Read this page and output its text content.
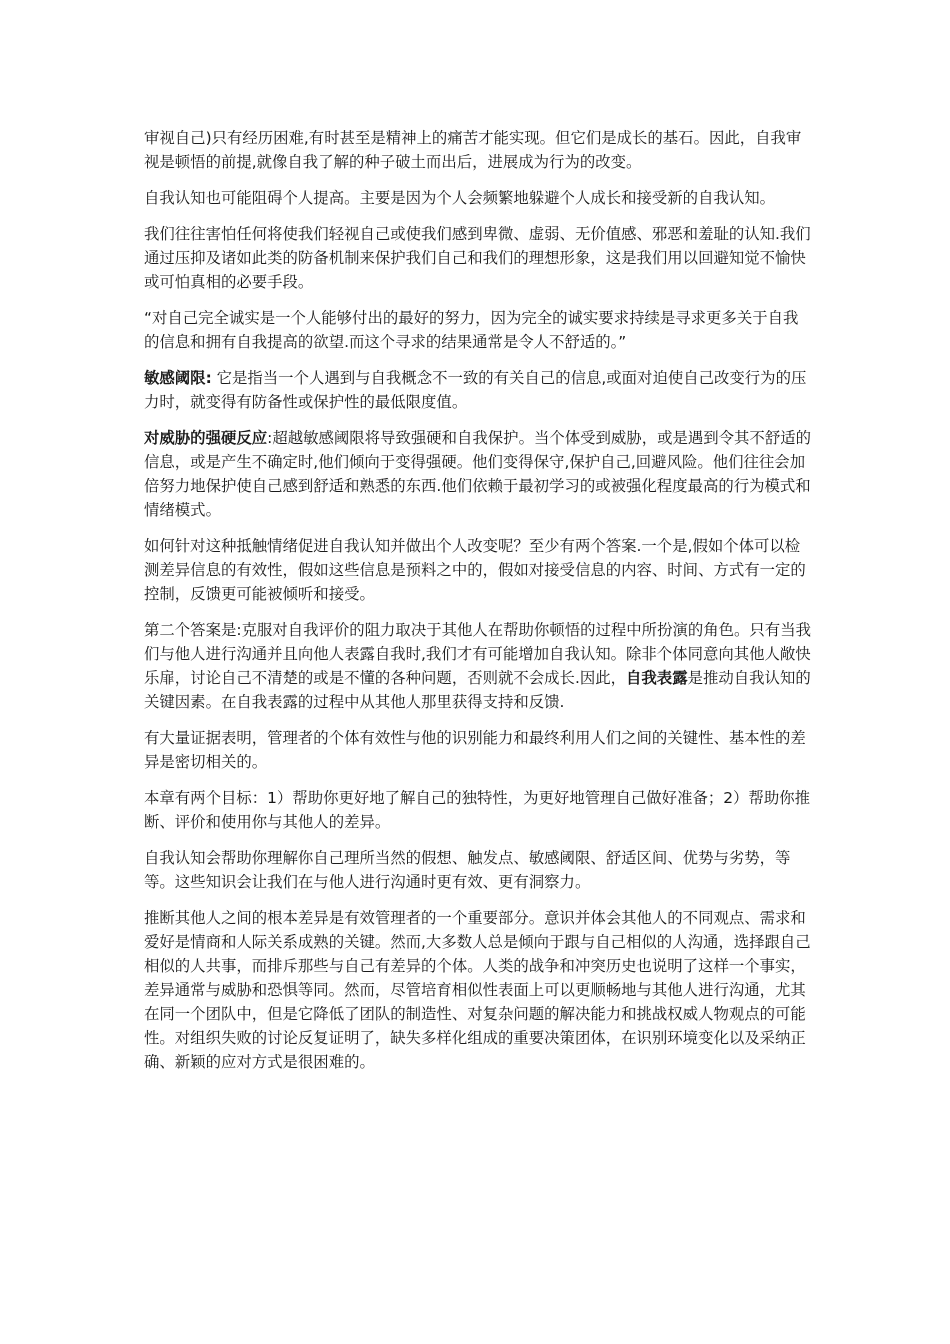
审视自己)只有经历困难,有时甚至是精神上的痛苦才能实现。但它们是成长的基石。因此，自我审视是顿悟的前提,就像自我了解的种子破土而出后，进展成为行为的改变。

自我认知也可能阻碍个人提高。主要是因为个人会频繁地躲避个人成长和接受新的自我认知。

我们往往害怕任何将使我们轻视自己或使我们感到卑微、虚弱、无价值感、邪恶和羞耻的认知.我们通过压抑及诸如此类的防备机制来保护我们自己和我们的理想形象，这是我们用以回避知觉不愉快或可怕真相的必要手段。

“对自己完全诚实是一个人能够付出的最好的努力，因为完全的诚实要求持续是寻求更多关于自我的信息和拥有自我提高的欲望.而这个寻求的结果通常是令人不舒适的。”

敏感阈限: 它是指当一个人遇到与自我概念不一致的有关自己的信息,或面对迫使自己改变行为的压力时，就变得有防备性或保护性的最低限度值。

对威胁的强硬反应:超越敏感阈限将导致强硬和自我保护。当个体受到威胁，或是遇到令其不舒适的信息，或是产生不确定时,他们倾向于变得强硬。他们变得保守,保护自己,回避风险。他们往往会加倍努力地保护使自己感到舒适和熟悉的东西.他们依赖于最初学习的或被强化程度最高的行为模式和情绪模式。

如何针对这种抵触情绪促进自我认知并做出个人改变呢？至少有两个答案.一个是,假如个体可以检测差异信息的有效性，假如这些信息是预料之中的，假如对接受信息的内容、时间、方式有一定的控制，反馈更可能被倾听和接受。

第二个答案是:克服对自我评价的阻力取决于其他人在帮助你顿悟的过程中所扮演的角色。只有当我们与他人进行沟通并且向他人表露自我时,我们才有可能增加自我认知。除非个体同意向其他人敞快乐扉，讨论自己不清楚的或是不懂的各种问题，否则就不会成长.因此，自我表露是推动自我认知的关键因素。在自我表露的过程中从其他人那里获得支持和反馈.

有大量证据表明，管理者的个体有效性与他的识别能力和最终利用人们之间的关键性、基本性的差异是密切相关的。

本章有两个目标：1）帮助你更好地了解自己的独特性，为更好地管理自己做好准备；2）帮助你推断、评价和使用你与其他人的差异。

自我认知会帮助你理解你自己理所当然的假想、触发点、敏感阈限、舒适区间、优势与劣势，等等。这些知识会让我们在与他人进行沟通时更有效、更有洞察力。

推断其他人之间的根本差异是有效管理者的一个重要部分。意识并体会其他人的不同观点、需求和爱好是情商和人际关系成熟的关键。然而,大多数人总是倾向于跟与自己相似的人沟通，选择跟自己相似的人共事，而排斥那些与自己有差异的个体。人类的战争和冲突历史也说明了这样一个事实，差异通常与威胁和恐惧等同。然而，尽管培育相似性表面上可以更顺畅地与其他人进行沟通，尤其在同一个团队中，但是它降低了团队的制造性、对复杂问题的解决能力和挑战权威人物观点的可能性。对组织失败的讨论反复证明了，缺失多样化组成的重要决策团体，在识别环境变化以及采纳正确、新颖的应对方式是很困难的。
